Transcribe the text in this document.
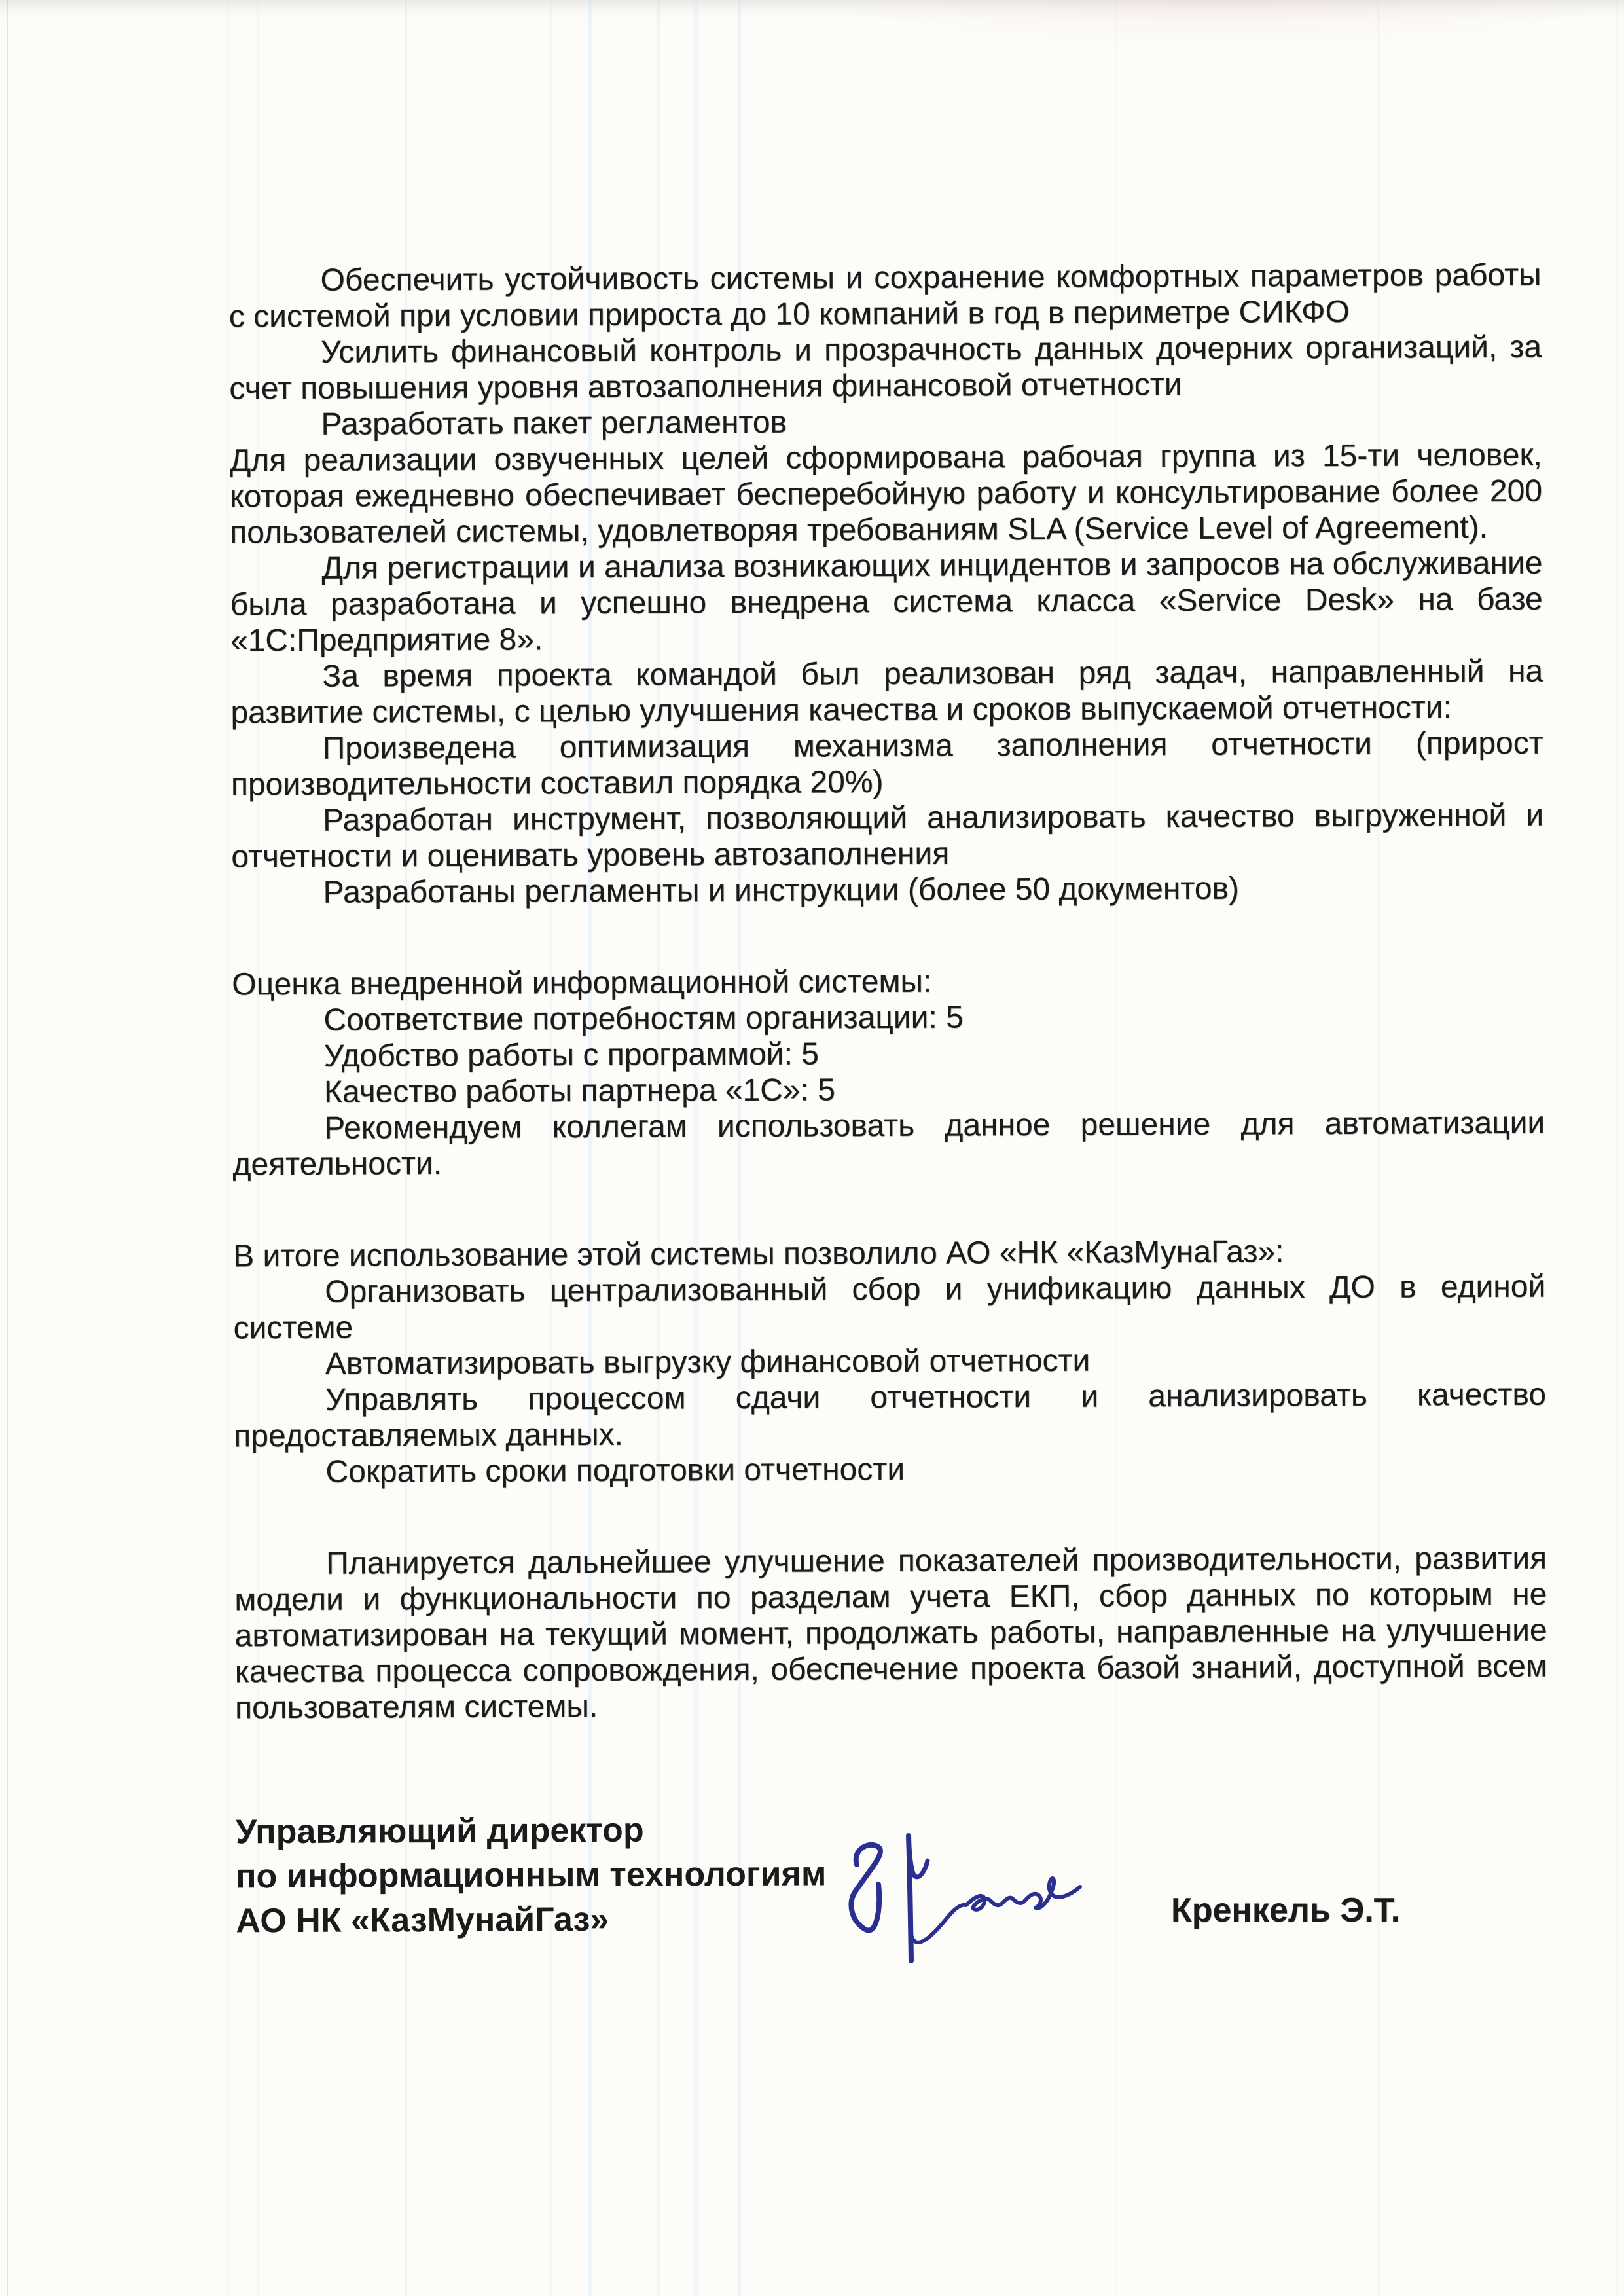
Обеспечить устойчивость системы и сохранение комфортных параметров работы с системой при условии прироста до 10 компаний в год в периметре СИКФО

Усилить финансовый контроль и прозрачность данных дочерних организаций, за счет повышения уровня автозаполнения финансовой отчетности

Разработать пакет регламентов

Для реализации озвученных целей сформирована рабочая группа из 15-ти человек, которая ежедневно обеспечивает бесперебойную работу и консультирование более 200 пользователей системы, удовлетворяя требованиям SLA (Service Level of Agreement).

Для регистрации и анализа возникающих инцидентов и запросов на обслуживание была разработана и успешно внедрена система класса «Service Desk» на базе «1С:Предприятие 8».

За время проекта командой был реализован ряд задач, направленный на развитие системы, с целью улучшения качества и сроков выпускаемой отчетности:

Произведена оптимизация механизма заполнения отчетности (прирост производительности составил порядка 20%)

Разработан инструмент, позволяющий анализировать качество выгруженной и отчетности и оценивать уровень автозаполнения

Разработаны регламенты и инструкции (более 50 документов)

Оценка внедренной информационной системы:

Соответствие потребностям организации: 5

Удобство работы с программой: 5

Качество работы партнера «1С»: 5

Рекомендуем коллегам использовать данное решение для автоматизации деятельности.

В итоге использование этой системы позволило АО «НК «КазМунаГаз»:

Организовать централизованный сбор и унификацию данных ДО в единой системе

Автоматизировать выгрузку финансовой отчетности

Управлять процессом сдачи отчетности и анализировать качество предоставляемых данных.

Сократить сроки подготовки отчетности

Планируется дальнейшее улучшение показателей производительности, развития модели и функциональности по разделам учета ЕКП, сбор данных по которым не автоматизирован на текущий момент, продолжать работы, направленные на улучшение качества процесса сопровождения, обеспечение проекта базой знаний, доступной всем пользователям системы.

Управляющий директор
по информационным технологиям
АО НК «КазМунайГаз»	Кренкель Э.Т.
